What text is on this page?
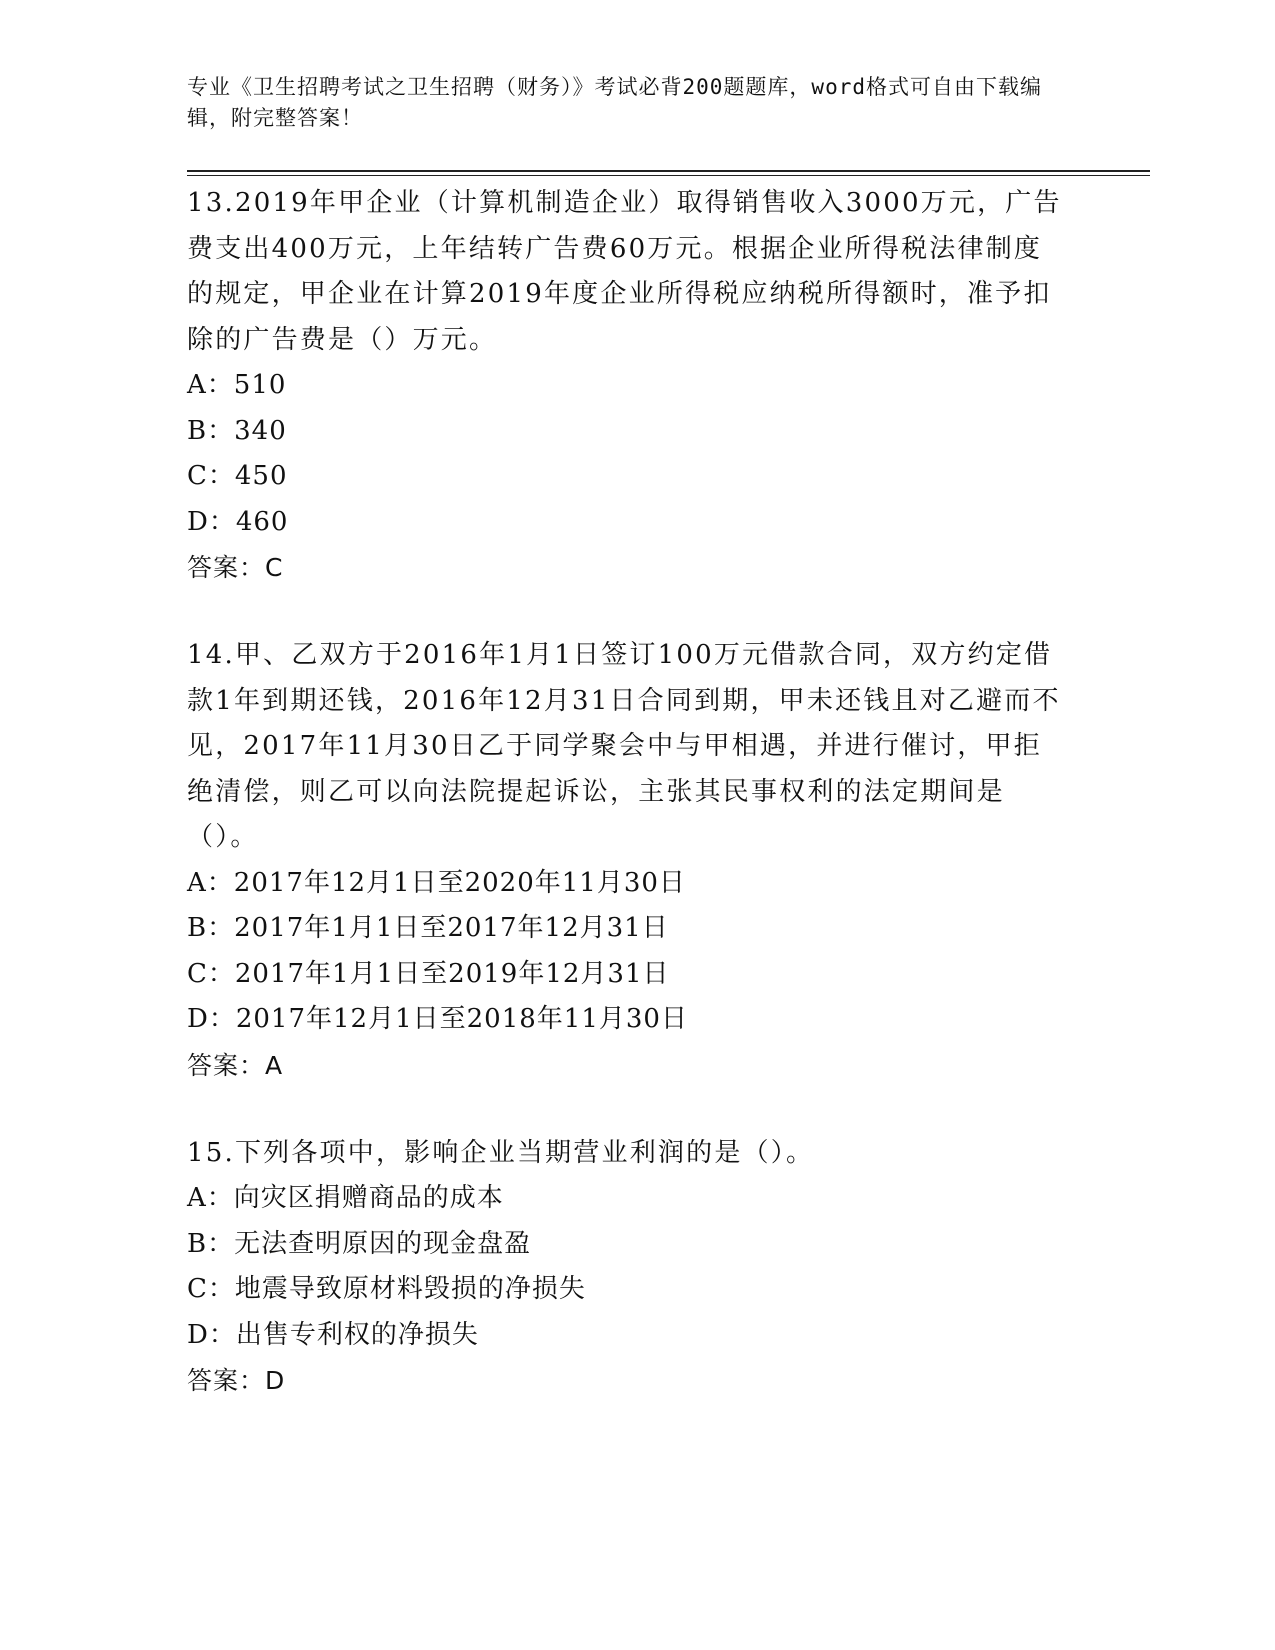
专业《卫生招聘考试之卫生招聘（财务）》考试必背200题题库，word格式可自由下载编辑，附完整答案！

13.2019年甲企业（计算机制造企业）取得销售收入3000万元，广告费支出400万元，上年结转广告费60万元。根据企业所得税法律制度的规定，甲企业在计算2019年度企业所得税应纳税所得额时，准予扣除的广告费是（）万元。

A：510

B：340

C：450

D：460

答案：C

14.甲、乙双方于2016年1月1日签订100万元借款合同，双方约定借款1年到期还钱，2016年12月31日合同到期，甲未还钱且对乙避而不见，2017年11月30日乙于同学聚会中与甲相遇，并进行催讨，甲拒绝清偿，则乙可以向法院提起诉讼，主张其民事权利的法定期间是（）。

A：2017年12月1日至2020年11月30日

B：2017年1月1日至2017年12月31日

C：2017年1月1日至2019年12月31日

D：2017年12月1日至2018年11月30日

答案：A

15.下列各项中，影响企业当期营业利润的是（）。

A：向灾区捐赠商品的成本

B：无法查明原因的现金盘盈

C：地震导致原材料毁损的净损失

D：出售专利权的净损失

答案：D
